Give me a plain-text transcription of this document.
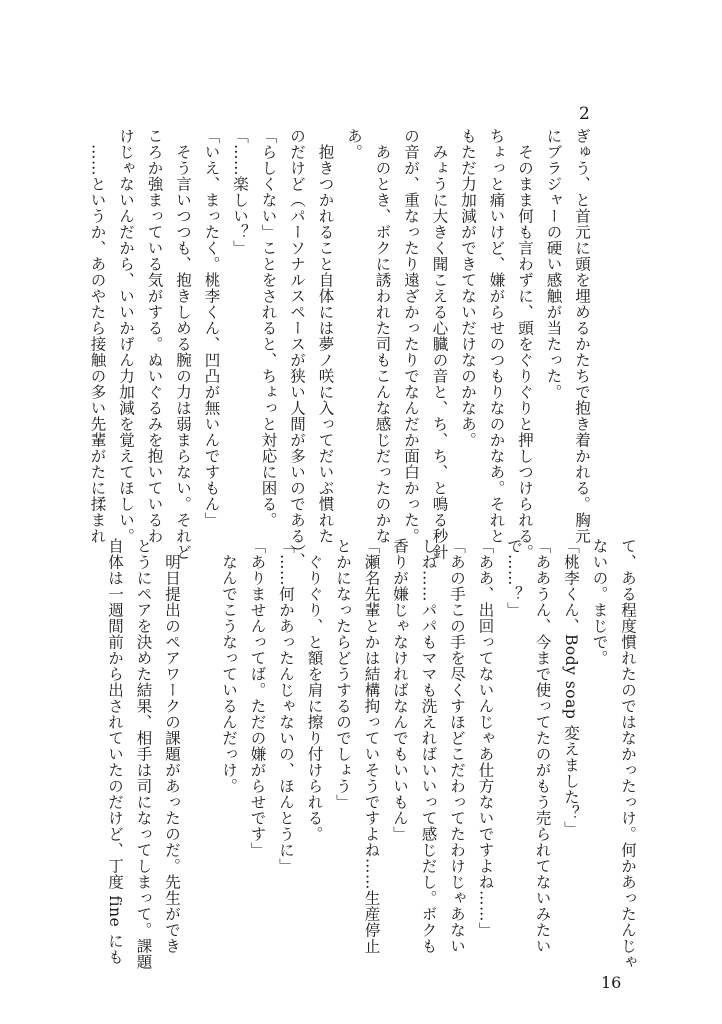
2

ぎゅう、と首元に頭を埋めるかたちで抱き着かれる。胸元

にブラジャーの硬い感触が当たった。

　そのまま何も言わずに、頭をぐりぐりと押しつけられる。

ちょっと痛いけど、嫌がらせのつもりなのかなあ。それと

もただ力加減ができてないだけなのかなあ。

　みょうに大きく聞こえる心臓の音と、ち、ち、と鳴る秒針

の音が、重なったり遠ざかったりでなんだか面白かった。

　あのとき、ボクに誘われた司もこんな感じだったのかな

あ。

　抱きつかれること自体には夢ノ咲に入ってだいぶ慣れた

のだけど（パーソナルスペースが狭い人間が多いのである）、

「らしくない」ことをされると、ちょっと対応に困る。

「……楽しい？」

「いえ、まったく。桃李くん、凹凸が無いんですもん」

　そう言いつつも、抱きしめる腕の力は弱まらない。それど

ころか強まっている気がする。ぬいぐるみを抱いているわ

けじゃないんだから、いいかげん力加減を覚えてほしい。

　……というか、あのやたら接触の多い先輩がたに揉まれ

て、ある程度慣れたのではなかったっけ。何かあったんじゃ

ないの。まじで。

「桃李くん、Body soap 変えました？」

「ああうん、今まで使ってたのがもう売られてないみたい

で……？」

「ああ、出回ってないんじゃあ仕方ないですよね……」

「あの手この手を尽くすほどこだわってたわけじゃあない

しね……パパもママも洗えればいいって感じだし。ボクも

香りが嫌じゃなければなんでもいいもん」

「瀬名先輩とかは結構拘っていそうですよね……生産停止

とかになったらどうするのでしょう」

　ぐりぐり、と額を肩に擦り付けられる。

「……何かあったんじゃないの、ほんとうに」

「ありませんってば。ただの嫌がらせです」

　なんでこうなっているんだっけ。

　明日提出のペアワークの課題があったのだ。先生ができ

とうにペアを決めた結果、相手は司になってしまって。課題

自体は一週間前から出されていたのだけど、丁度 fine にも

16
